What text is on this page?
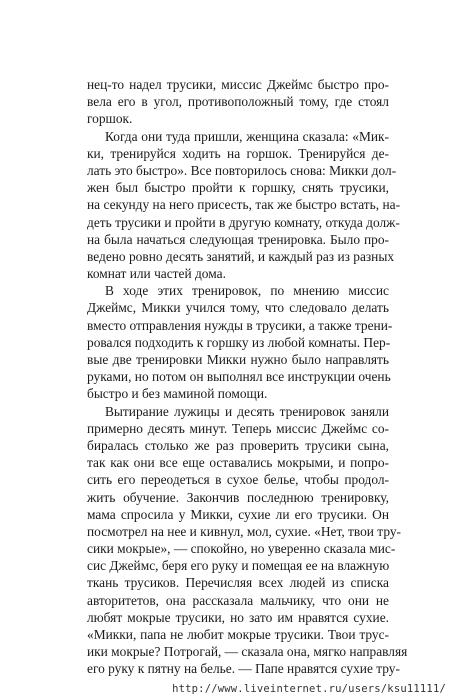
нец-то надел трусики, миссис Джеймс быстро про-
вела его в угол, противоположный тому, где стоял
горшок.
Когда они туда пришли, женщина сказала: «Мик-
ки, тренируйся ходить на горшок. Тренируйся де-
лать это быстро». Все повторилось снова: Микки дол-
жен был быстро пройти к горшку, снять трусики,
на секунду на него присесть, так же быстро встать, на-
деть трусики и пройти в другую комнату, откуда долж-
на была начаться следующая тренировка. Было про-
ведено ровно десять занятий, и каждый раз из разных
комнат или частей дома.
В ходе этих тренировок, по мнению миссис
Джеймс, Микки учился тому, что следовало делать
вместо отправления нужды в трусики, а также трени-
ровался подходить к горшку из любой комнаты. Пер-
вые две тренировки Микки нужно было направлять
руками, но потом он выполнял все инструкции очень
быстро и без маминой помощи.
Вытирание лужицы и десять тренировок заняли
примерно десять минут. Теперь миссис Джеймс со-
биралась столько же раз проверить трусики сына,
так как они все еще оставались мокрыми, и попро-
сить его переодеться в сухое белье, чтобы продол-
жить обучение. Закончив последнюю тренировку,
мама спросила у Микки, сухие ли его трусики. Он
посмотрел на нее и кивнул, мол, сухие. «Нет, твои тру-
сики мокрые», — спокойно, но уверенно сказала мис-
сис Джеймс, беря его руку и помещая ее на влажную
ткань трусиков. Перечисляя всех людей из списка
авторитетов, она рассказала мальчику, что они не
любят мокрые трусики, но зато им нравятся сухие.
«Микки, папа не любит мокрые трусики. Твои трус-
ики мокрые? Потрогай, — сказала она, мягко направляя
его руку к пятну на белье. — Папе нравятся сухие тру-
http://www.liveinternet.ru/users/ksu11111/
